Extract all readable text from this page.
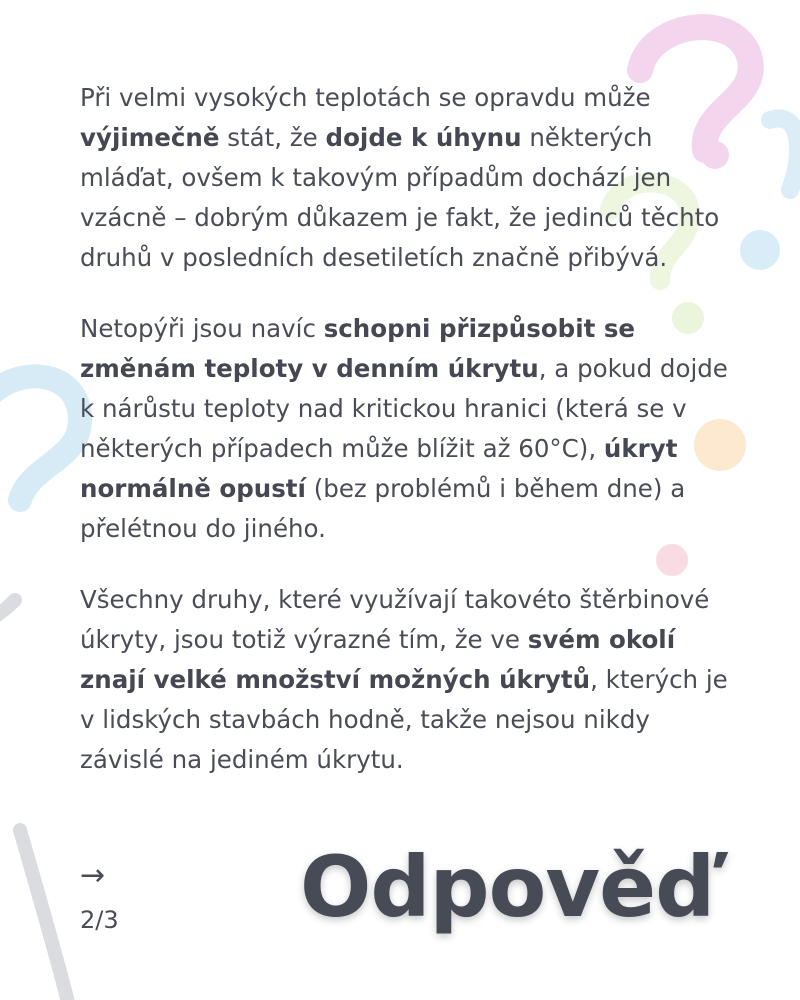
Při velmi vysokých teplotách se opravdu může výjimečně stát, že dojde k úhynu některých mláďat, ovšem k takovým případům dochází jen vzácně – dobrým důkazem je fakt, že jedinců těchto druhů v posledních desetiletích značně přibývá.

Netopýři jsou navíc schopni přizpůsobit se změnám teploty v denním úkrytu, a pokud dojde k nárůstu teploty nad kritickou hranici (která se v některých případech může blížit až 60°C), úkryt normálně opustí (bez problémů i během dne) a přelétnou do jiného.

Všechny druhy, které využívají takovéto štěrbinové úkryty, jsou totiž výrazné tím, že ve svém okolí znají velké množství možných úkrytů, kterých je v lidských stavbách hodně, takže nejsou nikdy závislé na jediném úkrytu.

→
2/3 Odpověď
